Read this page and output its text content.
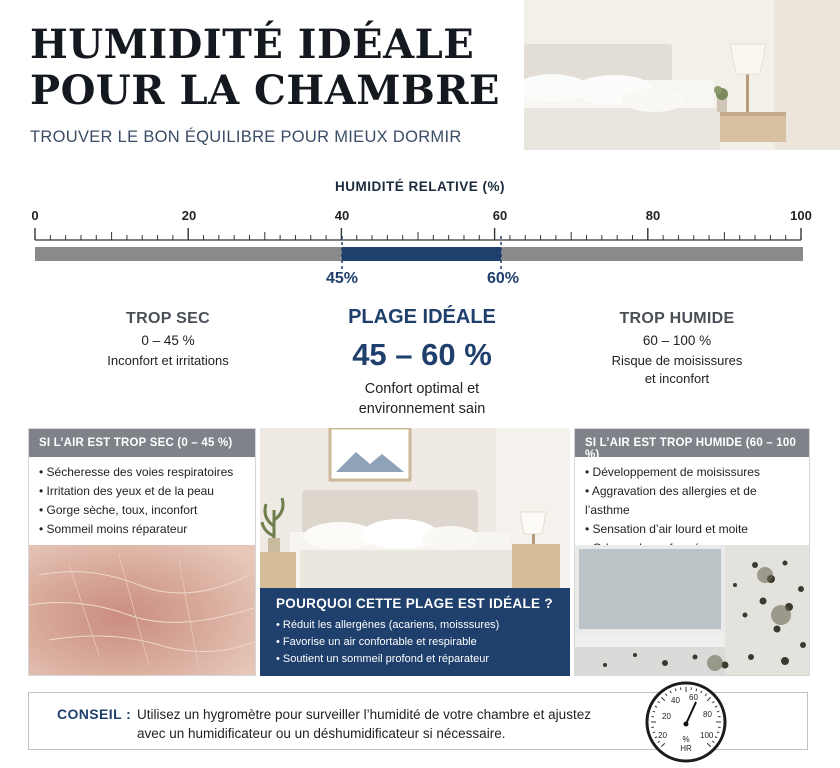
HUMIDITÉ IDÉALE
POUR LA CHAMBRE
TROUVER LE BON ÉQUILIBRE POUR MIEUX DORMIR
HUMIDITÉ RELATIVE (%)
0	20	40	60	80	100
45%	60%
TROP SEC
0 – 45 %
Inconfort et irritations
PLAGE IDÉALE
45 – 60 %
Confort optimal et
environnement sain
TROP HUMIDE
60 – 100 %
Risque de moisissures
et inconfort
SI L’AIR EST TROP SEC (0 – 45 %)
• Sécheresse des voies respiratoires
• Irritation des yeux et de la peau
• Gorge sèche, toux, inconfort
• Sommeil moins réparateur
POURQUOI CETTE PLAGE EST IDÉALE ?
• Réduit les allergènes (acariens, moisssures)
• Favorise un air confortable et respirable
• Soutient un sommeil profond et réparateur
SI L’AIR EST TROP HUMIDE (60 – 100 %)
• Développement de moisissures
• Aggravation des allergies et de l’asthme
• Sensation d’air lourd et moite
•
CONSEIL : Utilisez un hygromètre pour surveiller l’humidité de votre chambre et ajustez
avec un humidificateur ou un déshumidificateur si nécessaire.
20
40 60
80
20	100
%
HR
